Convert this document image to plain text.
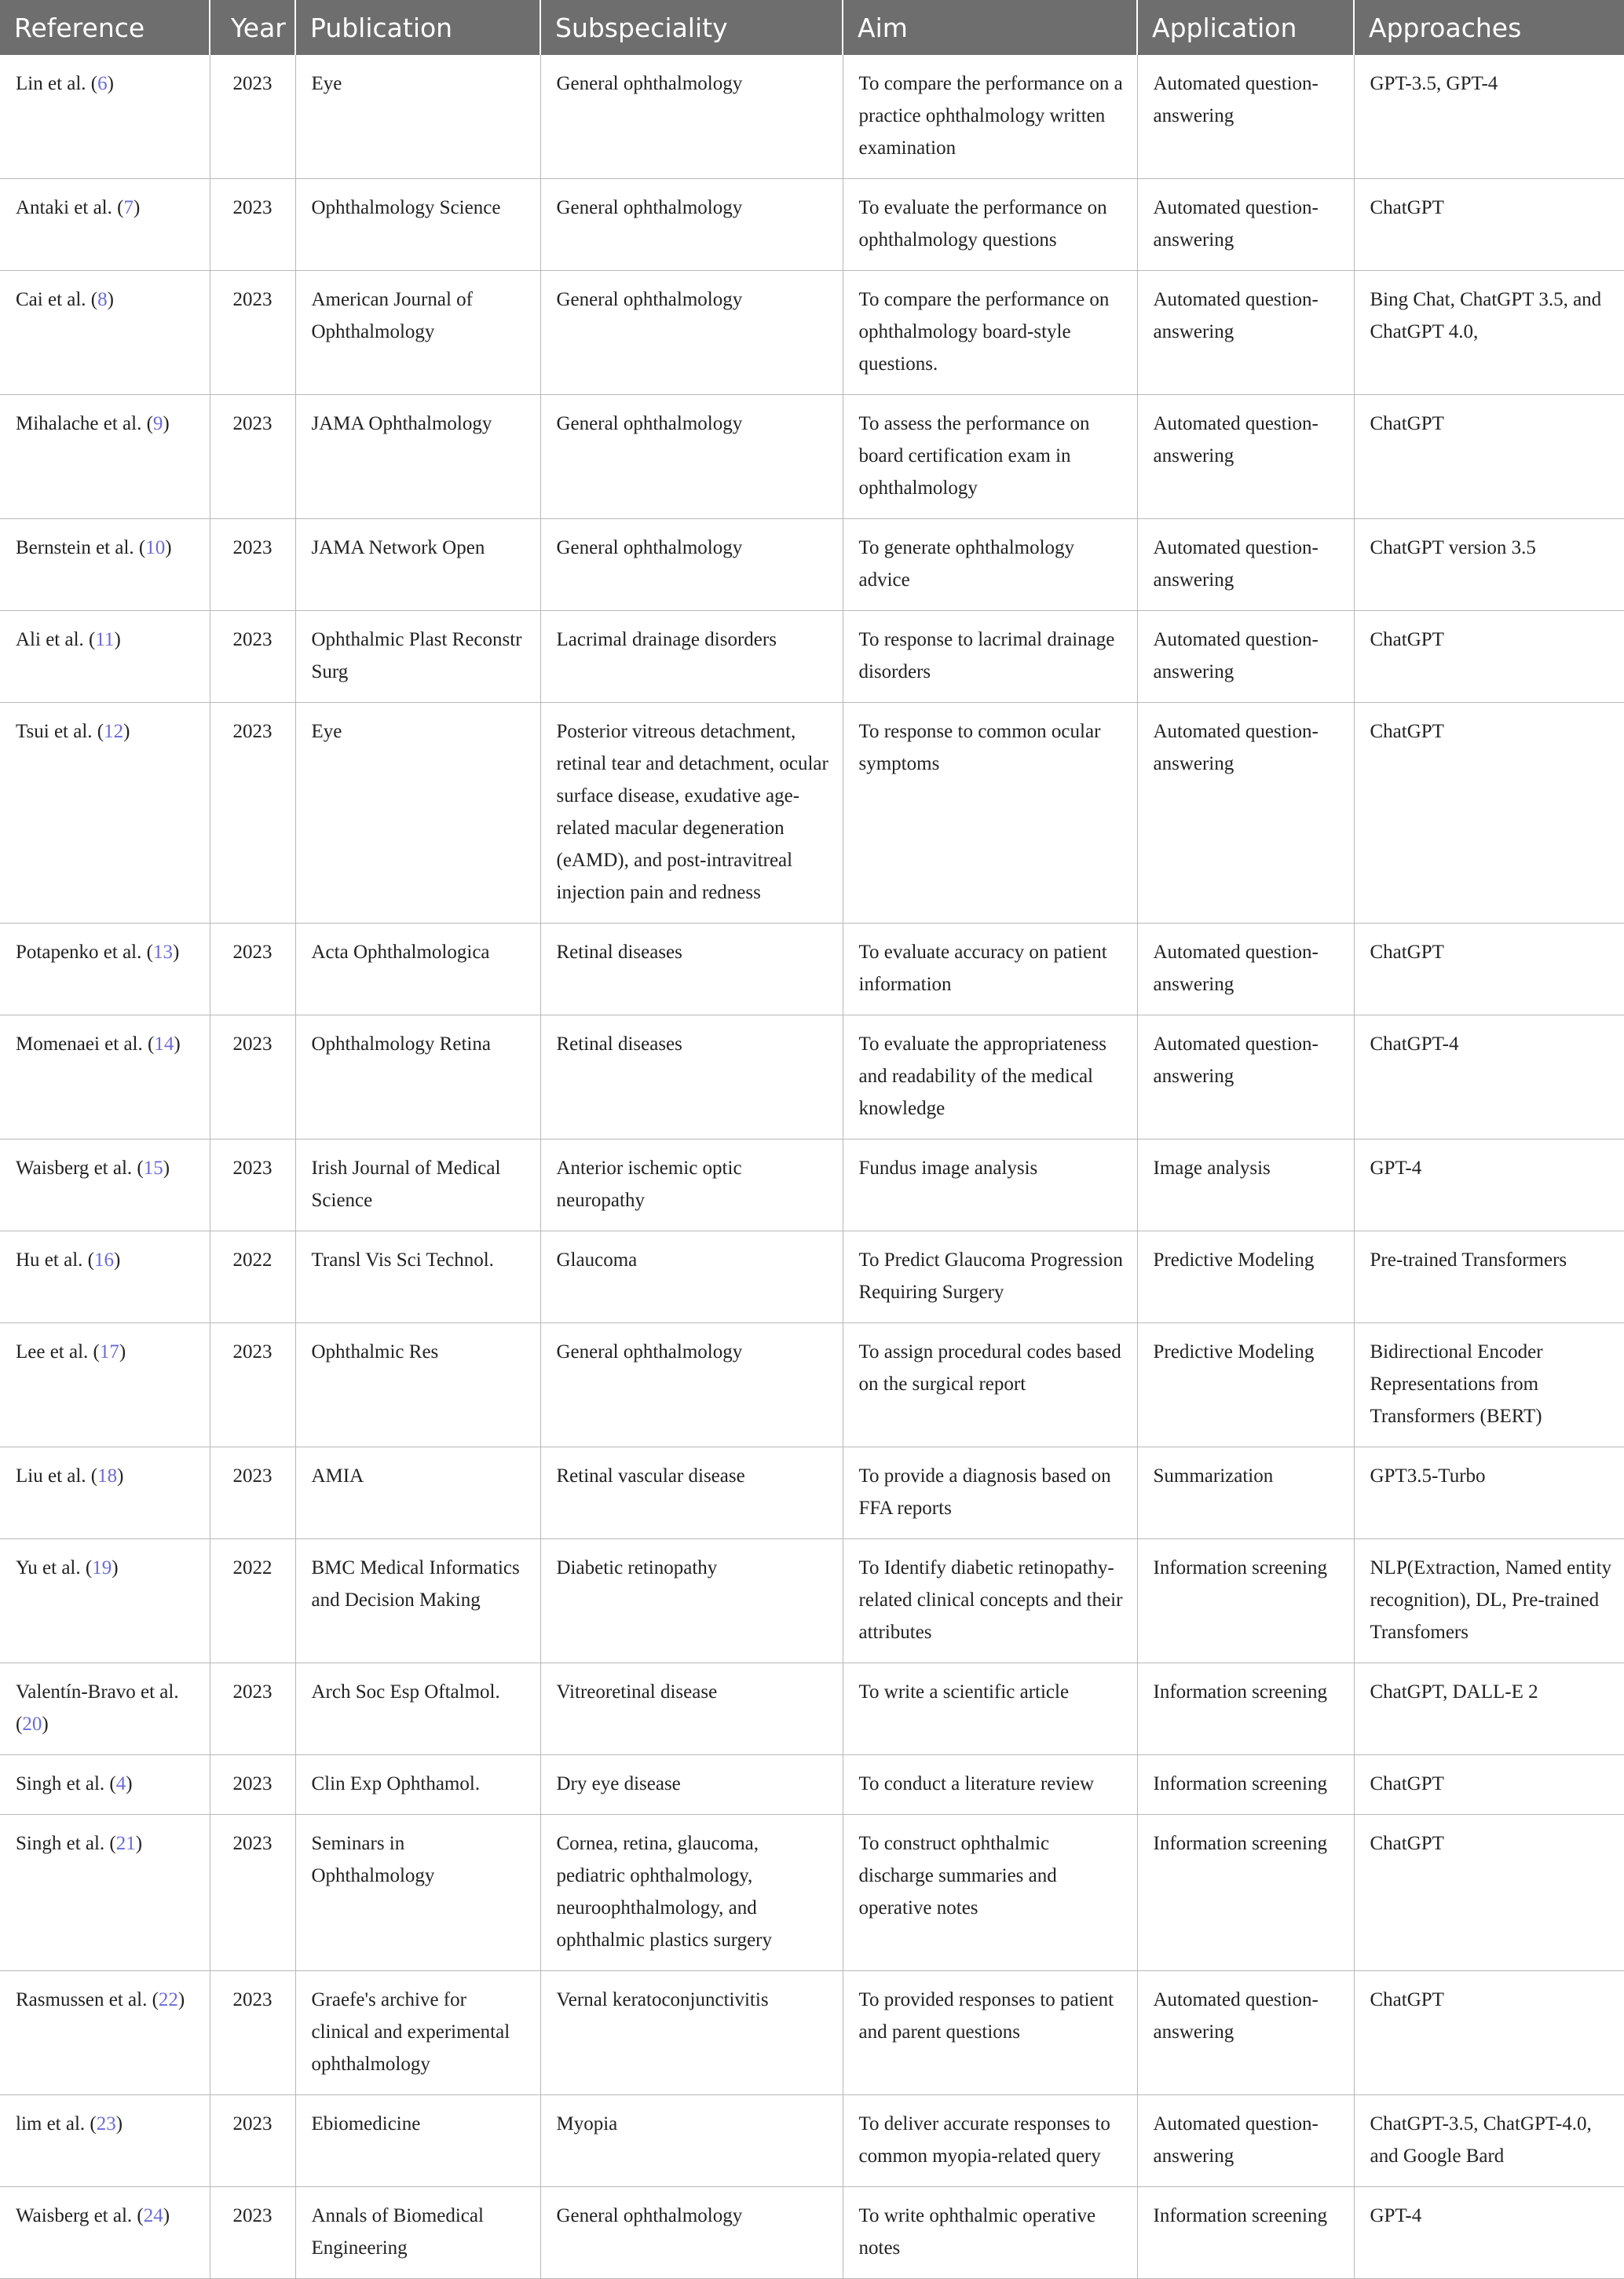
Reference	Year	Publication	Subspeciality	Aim	Application	Approaches
Lin et al. (6)	2023	Eye	General ophthalmology	To compare the performance on a practice ophthalmology written examination	Automated question-answering	GPT-3.5, GPT-4
Antaki et al. (7)	2023	Ophthalmology Science	General ophthalmology	To evaluate the performance on ophthalmology questions	Automated question-answering	ChatGPT
Cai et al. (8)	2023	American Journal of Ophthalmology	General ophthalmology	To compare the performance on ophthalmology board-style questions.	Automated question-answering	Bing Chat, ChatGPT 3.5, and ChatGPT 4.0,
Mihalache et al. (9)	2023	JAMA Ophthalmology	General ophthalmology	To assess the performance on board certification exam in ophthalmology	Automated question-answering	ChatGPT
Bernstein et al. (10)	2023	JAMA Network Open	General ophthalmology	To generate ophthalmology advice	Automated question-answering	ChatGPT version 3.5
Ali et al. (11)	2023	Ophthalmic Plast Reconstr Surg	Lacrimal drainage disorders	To response to lacrimal drainage disorders	Automated question-answering	ChatGPT
Tsui et al. (12)	2023	Eye	Posterior vitreous detachment, retinal tear and detachment, ocular surface disease, exudative age-related macular degeneration (eAMD), and post-intravitreal injection pain and redness	To response to common ocular symptoms	Automated question-answering	ChatGPT
Potapenko et al. (13)	2023	Acta Ophthalmologica	Retinal diseases	To evaluate accuracy on patient information	Automated question-answering	ChatGPT
Momenaei et al. (14)	2023	Ophthalmology Retina	Retinal diseases	To evaluate the appropriateness and readability of the medical knowledge	Automated question-answering	ChatGPT-4
Waisberg et al. (15)	2023	Irish Journal of Medical Science	Anterior ischemic optic neuropathy	Fundus image analysis	Image analysis	GPT-4
Hu et al. (16)	2022	Transl Vis Sci Technol.	Glaucoma	To Predict Glaucoma Progression Requiring Surgery	Predictive Modeling	Pre-trained Transformers
Lee et al. (17)	2023	Ophthalmic Res	General ophthalmology	To assign procedural codes based on the surgical report	Predictive Modeling	Bidirectional Encoder Representations from Transformers (BERT)
Liu et al. (18)	2023	AMIA	Retinal vascular disease	To provide a diagnosis based on FFA reports	Summarization	GPT3.5-Turbo
Yu et al. (19)	2022	BMC Medical Informatics and Decision Making	Diabetic retinopathy	To Identify diabetic retinopathy-related clinical concepts and their attributes	Information screening	NLP(Extraction, Named entity recognition), DL, Pre-trained Transfomers
Valentín-Bravo et al. (20)	2023	Arch Soc Esp Oftalmol.	Vitreoretinal disease	To write a scientific article	Information screening	ChatGPT, DALL-E 2
Singh et al. (4)	2023	Clin Exp Ophthamol.	Dry eye disease	To conduct a literature review	Information screening	ChatGPT
Singh et al. (21)	2023	Seminars in Ophthalmology	Cornea, retina, glaucoma, pediatric ophthalmology, neuroophthalmology, and ophthalmic plastics surgery	To construct ophthalmic discharge summaries and operative notes	Information screening	ChatGPT
Rasmussen et al. (22)	2023	Graefe's archive for clinical and experimental ophthalmology	Vernal keratoconjunctivitis	To provided responses to patient and parent questions	Automated question-answering	ChatGPT
lim et al. (23)	2023	Ebiomedicine	Myopia	To deliver accurate responses to common myopia-related query	Automated question-answering	ChatGPT-3.5, ChatGPT-4.0, and Google Bard
Waisberg et al. (24)	2023	Annals of Biomedical Engineering	General ophthalmology	To write ophthalmic operative notes	Information screening	GPT-4
